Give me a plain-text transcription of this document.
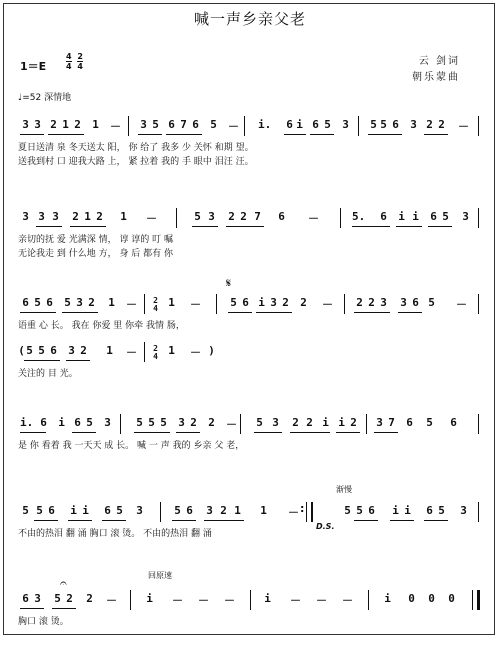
喊一声乡亲父老
云 剑词
朝乐蒙曲
$1=E \frac{4}{4}$
$\frac{2}{4}$
♩=52 深情地
3 3 2 1 2 1 － 3 5 6 7 6 5 － i. 6 i 6 5 3 5 5 6 3 2 2 －
夏日送清 泉 冬天送太 阳， 你 给了 我多 少 关怀 和期 望。
送我到村 口 迎我大路 上， 紧 拉着 我的 手 眼中 泪汪 汪。
3 3 3 2 1 2 1 －	5 3 2 2 7 6 －	5. 6 i i 6 5 3
亲切的抚 爱 光满深 情， 谆 谆的 叮 嘱
无论我走 到 什么地 方， 身 后 都有 你
6 5 6 5 3 2 1 －	2
4 1 －
𝄋
5 6 i 3 2 2 － 2 2 3 3 6 5 －
语重 心 长。 我在 你爱 里 你牵 我情 肠，
( 5 5 6 3 2 1 －	2
4 1 － )
关注的 目 光。
i. 6 i 6 5 3 5 5 5 3 2 2 － 5 3 2 2 i i 2 3 7 6 5 6
是 你 看着 我 一天天 成 长。 喊 一 声 我的 乡亲 父 老，
5 5 6 i i 6 5 3	5 6 3 2 1 1 － :
D.S.
渐慢
5 5 6 i i 6 5 3
不由的热泪 翻 涌 胸口 滚 烫。 不由的热泪 翻 涌
𝄐
回原速
6 3 5 2 2 －	i － － －	i － － －	i 0 0 0
胸口 滚 烫。
